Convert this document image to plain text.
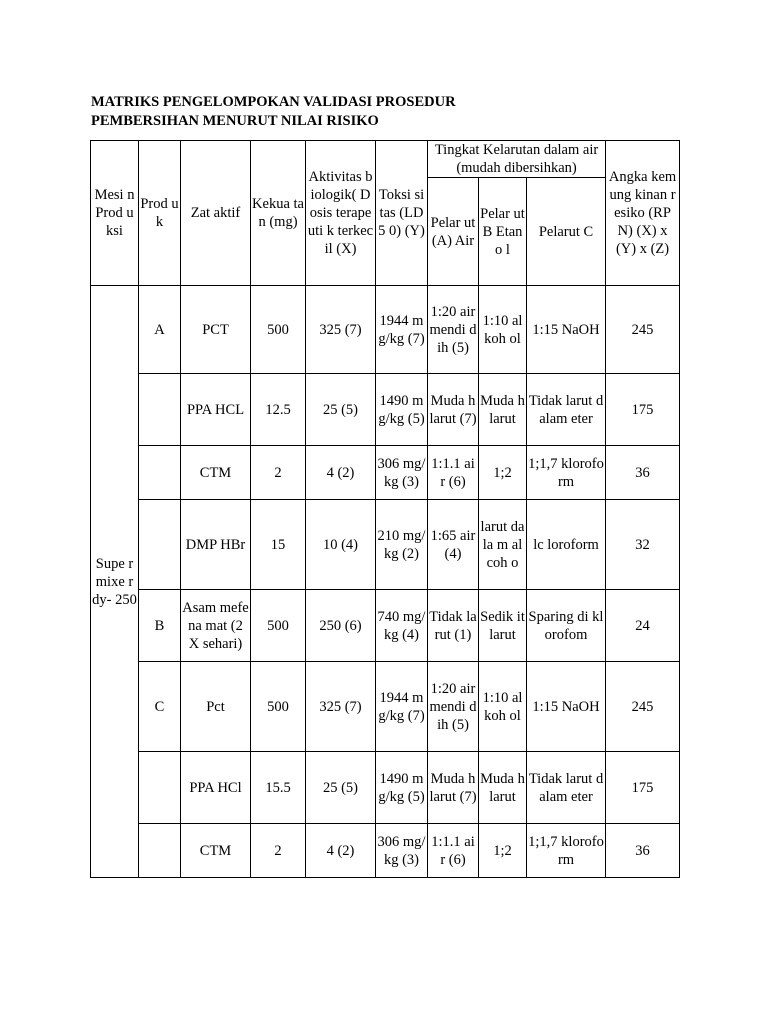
MATRIKS PENGELOMPOKAN VALIDASI PROSEDUR
PEMBERSIHAN MENURUT NILAI RISIKO
Mesi n Prod uksi	Prod uk	Zat aktif	Kekua tan (mg)	Aktivitas biologik( Dosis terapeuti k terkecil (X)	Toksi sitas (LD5 0) (Y)	Tingkat Kelarutan dalam air (mudah dibersihkan)			Angka kemung kinan resiko (RPN) (X) x (Y) x (Z)
						Pelar ut (A) Air	Pelar ut B Etano l	Pelarut C	
Supe r mixe r dy- 250	A	PCT	500	325 (7)	1944 mg/kg (7)	1:20 air mendi dih (5)	1:10 alkoh ol	1:15 NaOH	245
		PPA HCL	12.5	25 (5)	1490 mg/kg (5)	Muda h larut (7)	Muda h larut	Tidak larut dalam eter	175
		CTM	2	4 (2)	306 mg/kg (3)	1:1.1 air (6)	1;2	1;1,7 kloroform	36
		DMP HBr	15	10 (4)	210 mg/kg (2)	1:65 air (4)	larut dala m alcoh o	lc loroform	32
	B	Asam mefena mat (2 X sehari)	500	250 (6)	740 mg/kg (4)	Tidak larut (1)	Sedik it larut	Sparing di klorofom	24
	C	Pct	500	325 (7)	1944 mg/kg (7)	1:20 air mendi dih (5)	1:10 alkoh ol	1:15 NaOH	245
		PPA HCl	15.5	25 (5)	1490 mg/kg (5)	Muda h larut (7)	Muda h larut	Tidak larut dalam eter	175
		CTM	2	4 (2)	306 mg/kg (3)	1:1.1 air (6)	1;2	1;1,7 kloroform	36
